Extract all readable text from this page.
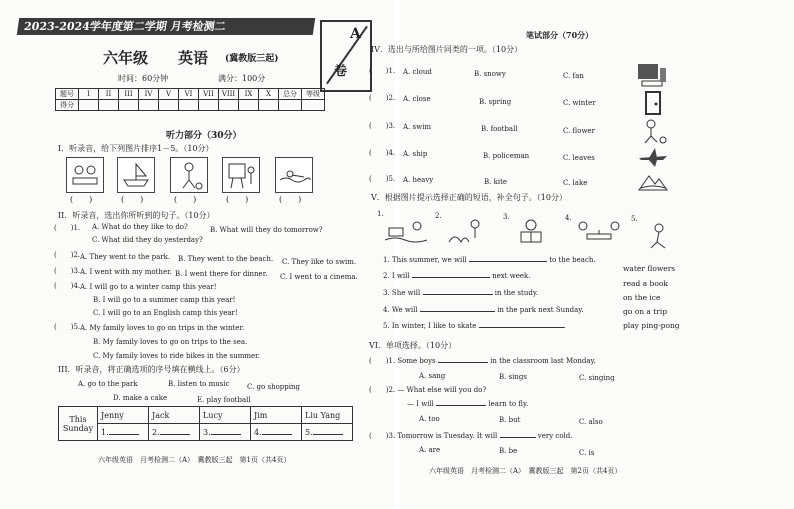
2023-2024学年度第二学期 月考检测二
六年级 英语 (冀教版三起)
A
卷
时间：60分钟	满分：100分
题号	I	II	III	IV	V	VI	VII	VIII	IX	X	总分	等级
得分												
听力部分（30分）
I．听录音，给下列图片排序1－5。（10分）
(　　)	(　　)	(　　)	(　　)	(　　)
II．听录音，选出你所听到的句子。（10分）
(　　)1. A. What do they like to do?	B. What will they do tomorrow?
C. What did they do yesterday?
(　　)2. A. They went to the park. B. They went to the beach. C. They like to swim.
(　　)3. A. I went with my mother. B. I went there for dinner. C. I went to a cinema.
(　　)4. A. I will go to a winter camp this year!
B. I will go to a summer camp this year!
C. I will go to an English camp this year!
(　　)5. A. My family loves to go on trips in the winter.
B. My family loves to go on trips to the sea.
C. My family loves to ride bikes in the summer.
III．听录音，将正确选项的序号填在横线上。（6分）
A. go to the park	B. listen to music C. go shopping
D. make a cake	E. play football
This Sunday	Jenny	Jack	Lucy	Jim	Liu Yang
	1.	2.	3.	4.	5.
六年级英语　月考检测二（A）　冀教版三起　第1页（共4页）
笔试部分（70分）
IV．选出与所给图片同类的一项。（10分）
(　　)1. A. cloud	B. snowy	C. fan
(　　)2. A. close	B. spring	C. winter
(　　)3. A. swim	B. football	C. flower
(　　)4. A. ship	B. policeman	C. leaves
(　　)5. A. heavy	B. kite	C. lake
V．根据图片提示选择正确的短语，补全句子。（10分）
1.	2.	3.	4.	5.
1. This summer, we will	to the beach.
2. I will	next week.
3. She will	in the study.
4. We will	in the park next Sunday.
5. In winter, I like to skate	.
water flowers
read a book
on the ice
go on a trip
play ping-pong
VI．单项选择。（10分）
(　　)1. Some boys	in the classroom last Monday.
A. sang	B. sings	C. singing
(　　)2. — What else will you do?
— I will	learn to fly.
A. too	B. but	C. also
(　　)3. Tomorrow is Tuesday. It will	very cold.
A. are	B. be	C. is
六年级英语　月考检测二（A）　冀教版三起　第2页（共4页）
